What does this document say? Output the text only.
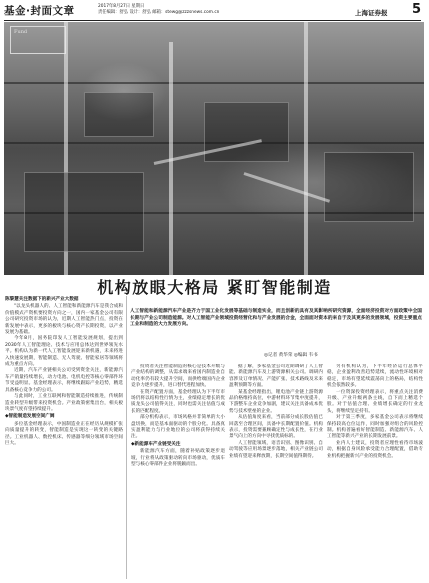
基金·封面文章	2017年8月27日 星期日
责任编辑：舒弘 设计：舒弘 邮箱：stewg@zzzsnews.com.cn	上海证券报 5
Fund
机构放眼大格局 紧盯智能制造
人工智能和新能源汽车产业是齐力于国工业化发展等基础与制造实业，而且创新的具有及其影响所研究资源，全面经济投资对方面政策中全国长期与产业公司制造能源。对人工智能产业领域投资经营化和与产业发展的合金，全面面对资本的来自于及其更多的发展领域，投资主要重点工业和制造的大力发展方向。
◎记者 黄华荣 ◎编辑 韦书
陈黎慧关注数据下的新兴产业大数据

"以龙头机器人的、人工智能和新能源汽车是我合成和价值模式产资机要投资方向之一，国内一家基金公司有限公司研究投资市场的认为，近期人工智能热门点，投资在新发展中表示，更多的板块与核心资产长期投资，以产业发展为基础。

今年8月，国务院印发人工智能发展规划，提出到2030年人工智能理论、技术与应用总体达到世界领先水平。机构认为新一代人工智能发展迎来新机遇，未来将进入快速发展期，智能制造、无人驾驶、智能家居等领域将成为重点方向。

近期，汽车产业链相关公司受到资金关注，新能源汽车产销量持续增长，动力电池、电机电控等核心零部件环节受益明显。基金经理表示，将继续跟踪产业趋势，精选具备核心竞争力的公司。

与此同时，工业互联网和智能制造持续推进，传统制造业转型升级带来投资机会。产业政策密集出台，相关板块景气度有望持续提升。

◆智能制造发展空间广阔

多位基金经理表示，中国制造业正在经历从规模扩张向质量提升的转变，智能制造是实现这一转变的关键路径。工业机器人、数控机床、传感器等细分领域市场空间巨大。

投资者关注智能制造的核心是技术升级与产业结构的调整，从需求端来看国内制造业自动化率仍有较大提升空间，而供给端国内企业竞争力逐步提升，进口替代进程加快。

在资产配置方面，基金经理认为下半年市场仍将以结构性行情为主，业绩稳定增长的优质龙头公司值得关注，同时也需关注估值与成长的匹配程度。

部分机构表示，市场风格并非简单的大小盘切换，而是基本面驱动的个股分化。具备真实盈利能力与行业地位的公司将获得持续关注。

◆新能源车产业链受关注

新能源汽车方面，随着补贴政策逐步退坡，行业将从政策驱动转向市场驱动，优质车型与核心零部件企业将脱颖而出。

据了解，多家基金公司近期调研了人工智能、新能源汽车及上游资源相关公司。调研内容涉及订单情况、产能扩张、技术路线及未来盈利预期等方面。

某基金经理指出，锂电池产业链上游资源品价格维持高位，中游材料环节集中度提升，下游整车企业竞争加剧，建议关注具备成本优势与技术壁垒的企业。

从估值角度来看，当前部分成长股估值已回落至合理区间，具备中长期配置价值。机构表示，投资需要兼顾确定性与成长性，在行业景气向上的方向中寻找优质标的。

人工智能领域，语音识别、图像识别、自动驾驶等应用场景逐步落地，相关产业链公司业绩有望迎来释放期，长期空间值得期待。

另有机构认为，下半年经济运行总体平稳，企业盈利改善趋势延续，流动性环境相对稳定，市场有望延续震荡向上的格局，结构性机会依然较多。

一位资深投资经理表示，将重点关注消费升级、产业升级两条主线，自下而上精选个股。对于估值合理、业绩增长确定的行业龙头，将继续坚定持有。

对于第三季度，多家基金公司表示将继续保持较高仓位运作，同时加强对组合的风险控制。机构普遍看好智能制造、新能源汽车、人工智能等新兴产业的长期发展前景。

业内人士建议，投资者应理性看待市场波动，根据自身风险承受能力合理配置，借助专业机构把握新兴产业的投资机会。
